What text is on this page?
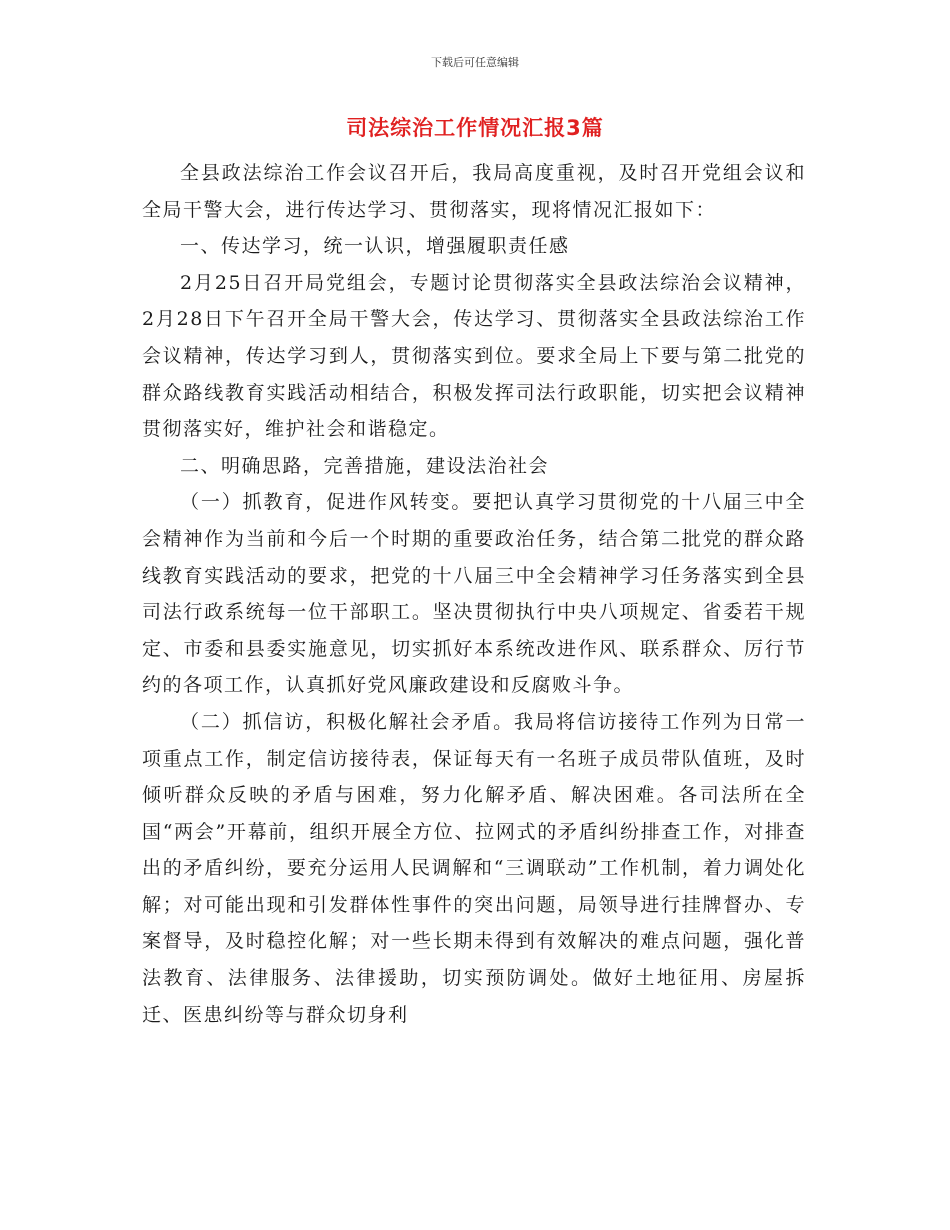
下载后可任意编辑
司法综治工作情况汇报3篇

全县政法综治工作会议召开后，我局高度重视，及时召开党组会议和全局干警大会，进行传达学习、贯彻落实，现将情况汇报如下：

一、传达学习，统一认识，增强履职责任感

2月25日召开局党组会，专题讨论贯彻落实全县政法综治会议精神，2月28日下午召开全局干警大会，传达学习、贯彻落实全县政法综治工作会议精神，传达学习到人，贯彻落实到位。要求全局上下要与第二批党的群众路线教育实践活动相结合，积极发挥司法行政职能，切实把会议精神贯彻落实好，维护社会和谐稳定。

二、明确思路，完善措施，建设法治社会

（一）抓教育，促进作风转变。要把认真学习贯彻党的十八届三中全会精神作为当前和今后一个时期的重要政治任务，结合第二批党的群众路线教育实践活动的要求，把党的十八届三中全会精神学习任务落实到全县司法行政系统每一位干部职工。坚决贯彻执行中央八项规定、省委若干规定、市委和县委实施意见，切实抓好本系统改进作风、联系群众、厉行节约的各项工作，认真抓好党风廉政建设和反腐败斗争。

（二）抓信访，积极化解社会矛盾。我局将信访接待工作列为日常一项重点工作，制定信访接待表，保证每天有一名班子成员带队值班，及时倾听群众反映的矛盾与困难，努力化解矛盾、解决困难。各司法所在全国“两会”开幕前，组织开展全方位、拉网式的矛盾纠纷排查工作，对排查出的矛盾纠纷，要充分运用人民调解和“三调联动”工作机制，着力调处化解；对可能出现和引发群体性事件的突出问题，局领导进行挂牌督办、专案督导，及时稳控化解；对一些长期未得到有效解决的难点问题，强化普法教育、法律服务、法律援助，切实预防调处。做好土地征用、房屋拆迁、医患纠纷等与群众切身利
